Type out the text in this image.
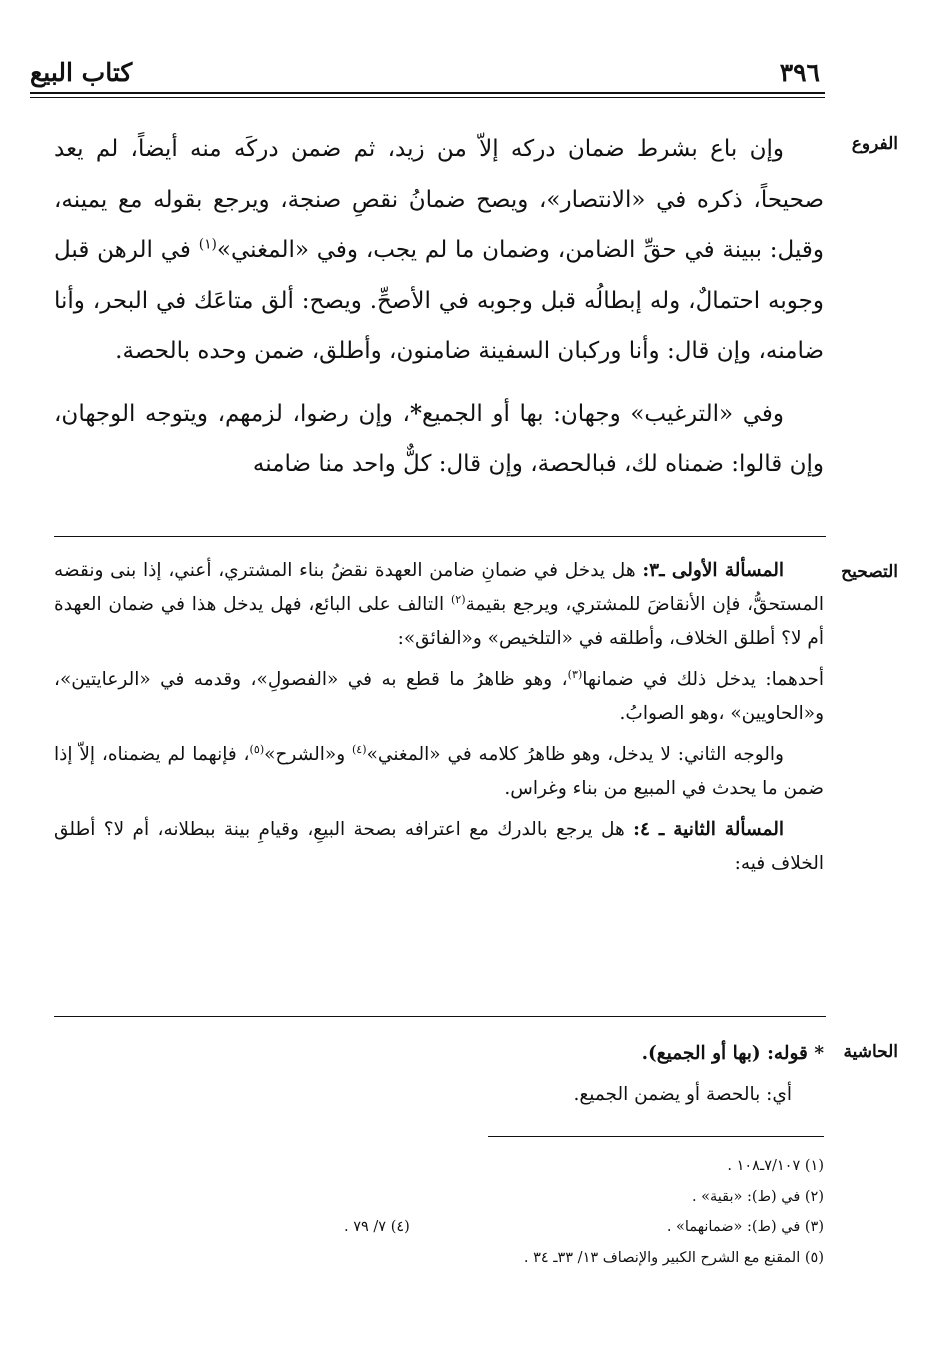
٣٩٦
كتاب البيع
الفروع

وإن باع بشرط ضمان دركه إلاّ من زيد، ثم ضمن دركَه منه أيضاً، لم يعد صحيحاً، ذكره في «الانتصار»، ويصح ضمانُ نقصِ صنجة، ويرجع بقوله مع يمينه، وقيل: ببينة في حقِّ الضامن، وضمان ما لم يجب، وفي «المغني»$^{(١)}$ في الرهن قبل وجوبه احتمالٌ، وله إبطالُه قبل وجوبه في الأصحِّ. ويصح: ألق متاعَك في البحر، وأنا ضامنه، وإن قال: وأنا وركبان السفينة ضامنون، وأطلق، ضمن وحده بالحصة.

وفي «الترغيب» وجهان: بها أو الجميع*، وإن رضوا، لزمهم، ويتوجه الوجهان، وإن قالوا: ضمناه لك، فبالحصة، وإن قال: كلٌّ واحد منا ضامنه

التصحيح

المسألة الأولى ـ٣: هل يدخل في ضمانِ ضامن العهدة نقضُ بناء المشتري، أعني، إذا بنى ونقضه المستحقُّ، فإن الأنقاضَ للمشتري، ويرجع بقيمة$^{(٢)}$ التالف على البائع، فهل يدخل هذا في ضمان العهدة أم لا؟ أطلق الخلاف، وأطلقه في «التلخيص» و«الفائق»:

أحدهما: يدخل ذلك في ضمانها$^{(٣)}$، وهو ظاهرُ ما قطع به في «الفصولِ»، وقدمه في «الرعايتين»، و«الحاويين» ،وهو الصوابُ.

والوجه الثاني: لا يدخل، وهو ظاهرُ كلامه في «المغني»$^{(٤)}$ و«الشرح»$^{(٥)}$، فإنهما لم يضمناه، إلاّ إذا ضمن ما يحدث في المبيع من بناء وغراس.

المسألة الثانية ـ ٤: هل يرجع بالدرك مع اعترافه بصحة البيعِ، وقيامِ بينة ببطلانه، أم لا؟ أطلق الخلاف فيه:

الحاشية

* قوله: (بها أو الجميع).

أي: بالحصة أو يضمن الجميع.

(١) ٧/١٠٧ـ١٠٨ .

(٢) في (ط): «بقية» .

(٣) في (ط): «ضمانهما» .
(٤) ٧/ ٧٩ .

(٥) المقنع مع الشرح الكبير والإنصاف ١٣/ ٣٣ـ ٣٤ .
